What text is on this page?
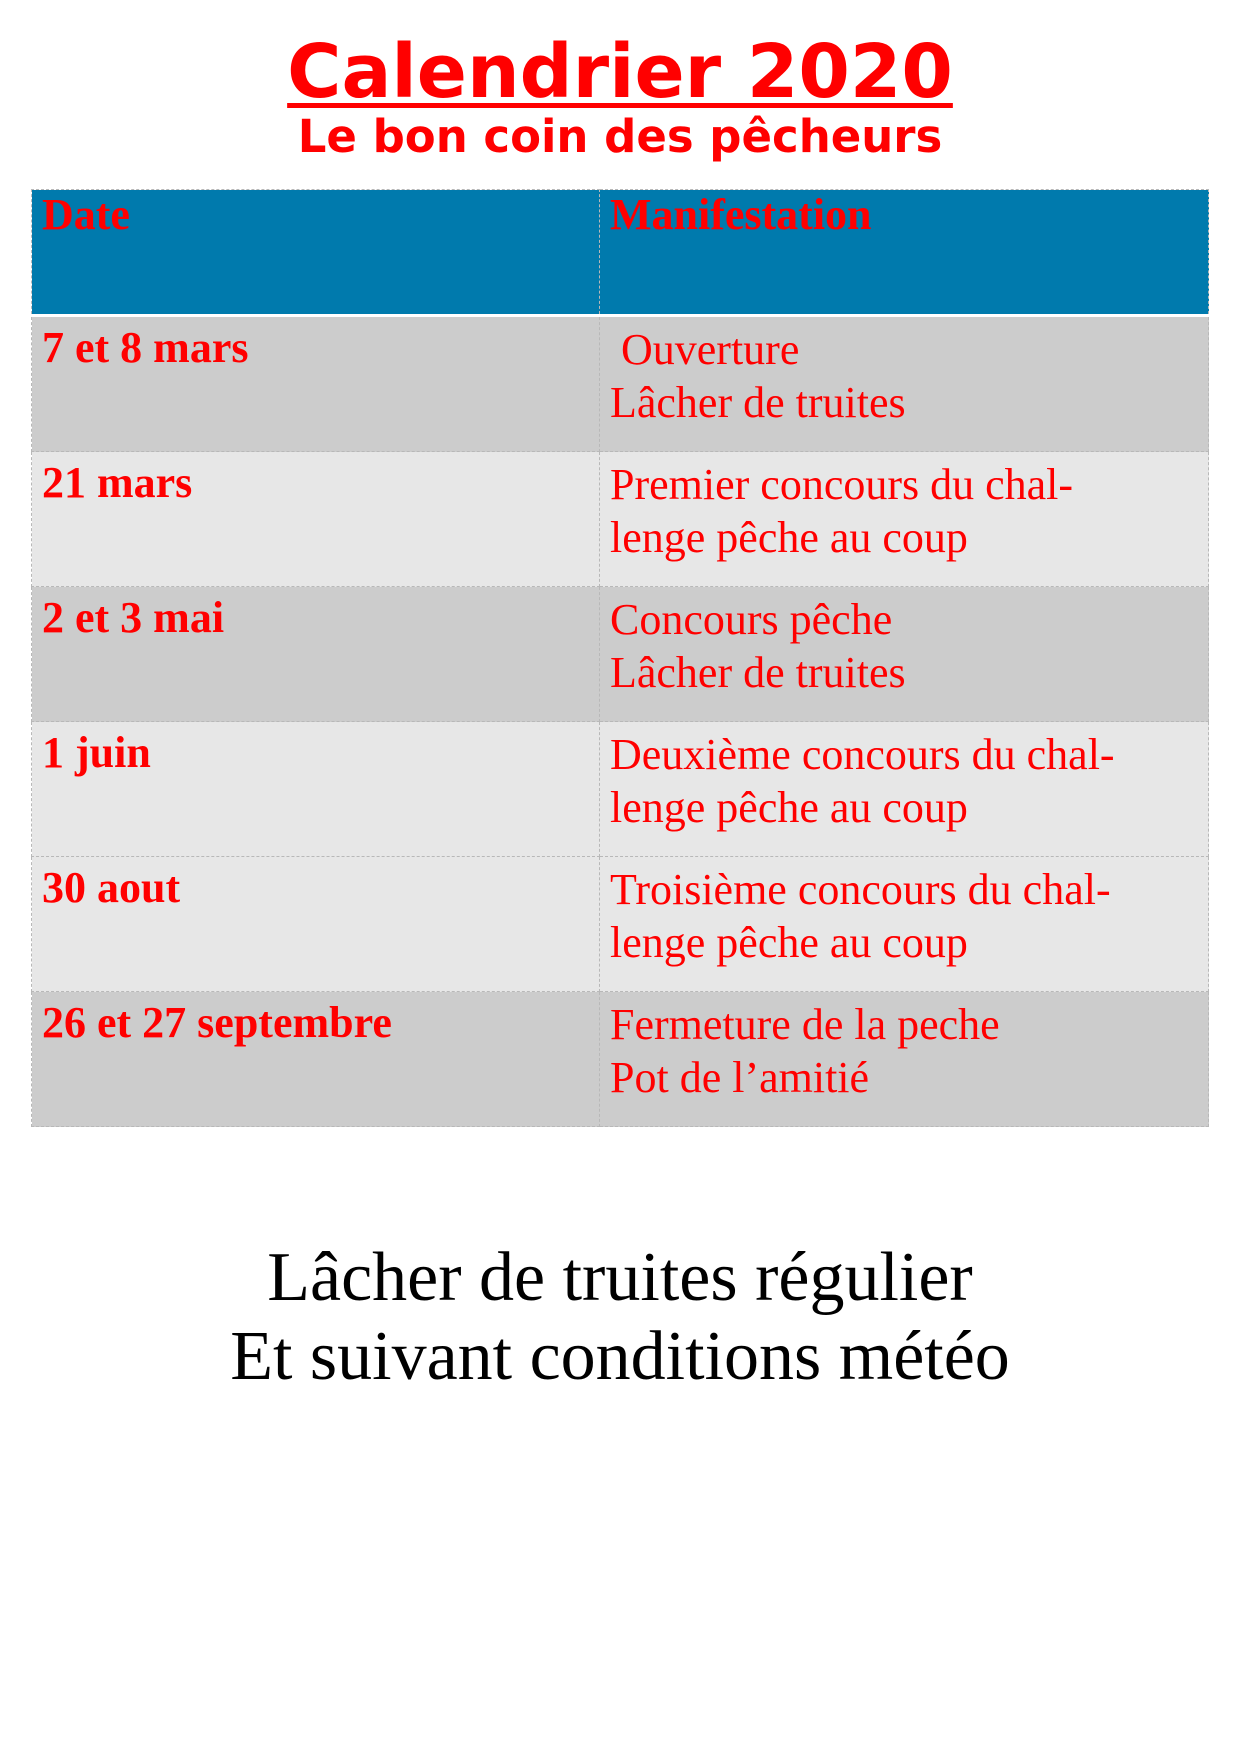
Calendrier 2020
Le bon coin des pêcheurs
Date	Manifestation
7 et 8 mars	Ouverture
Lâcher de truites

21 mars	Premier concours du chal-
lenge pêche au coup

2 et 3 mai	Concours pêche
Lâcher de truites

1 juin	Deuxième concours du chal-
lenge pêche au coup

30 aout	Troisième concours du chal-
lenge pêche au coup

26 et 27 septembre	Fermeture de la peche
Pot de l’amitié
Lâcher de truites régulier
Et suivant conditions météo
